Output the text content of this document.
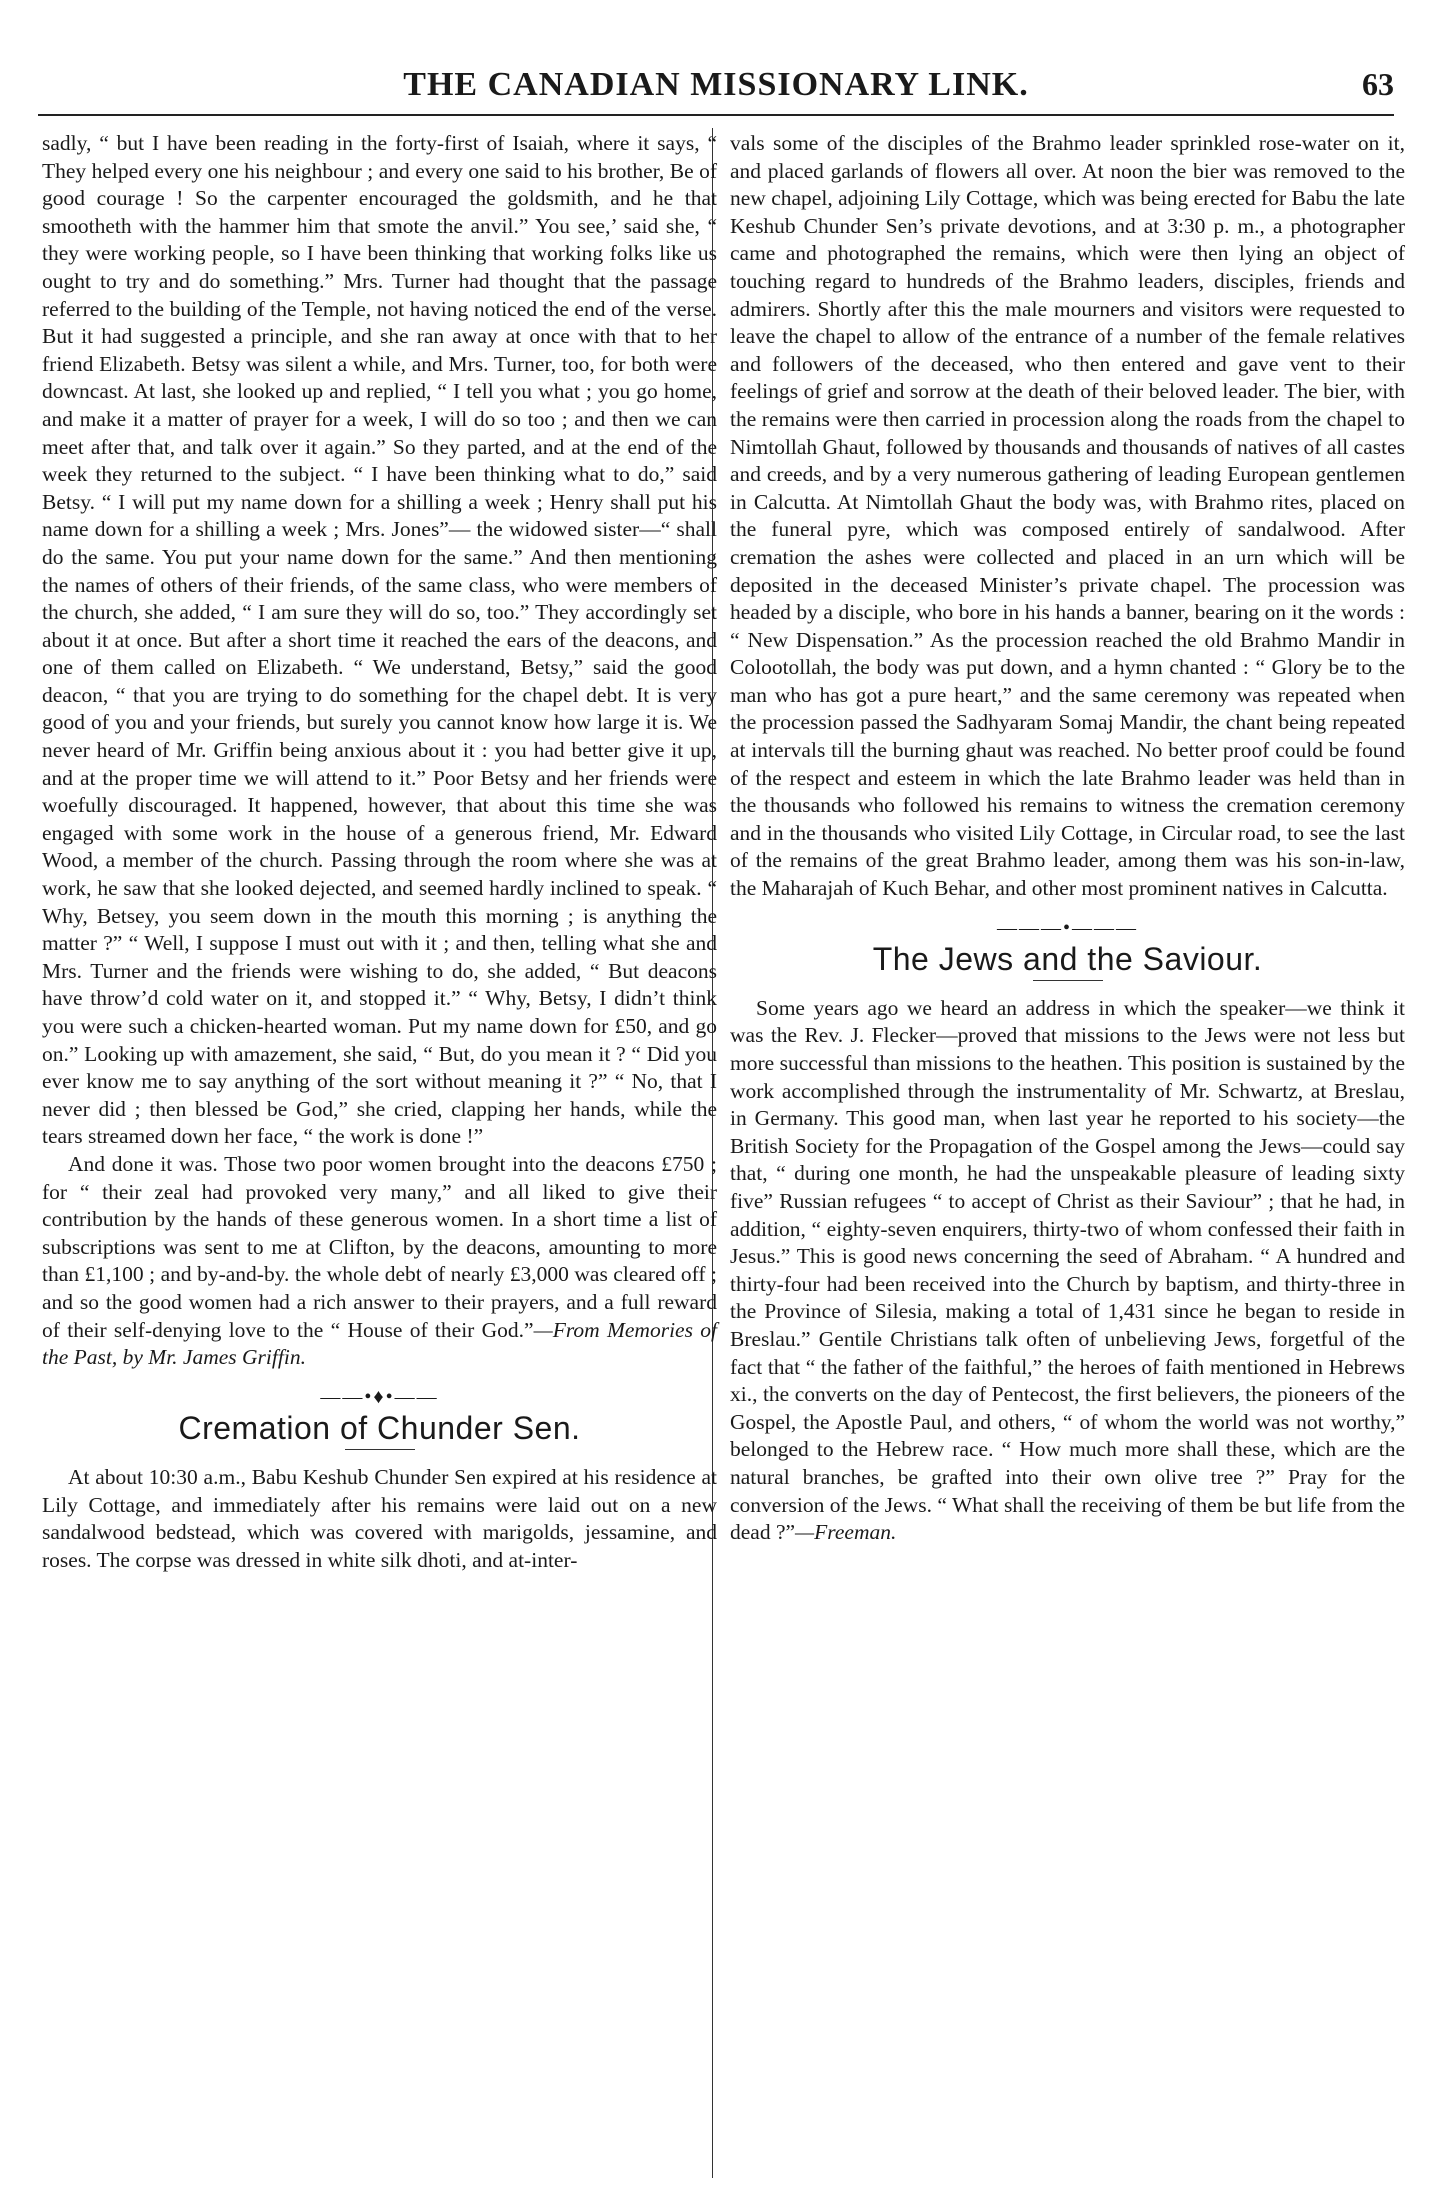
THE CANADIAN MISSIONARY LINK.	63

sadly, “ but I have been reading in the forty-first of Isaiah, where it says, “ They helped every one his neighbour ; and every one said to his brother, Be of good courage ! So the carpenter encouraged the goldsmith, and he that smootheth with the hammer him that smote the anvil.” You see,’ said she, “ they were working people, so I have been thinking that working folks like us ought to try and do something.” Mrs. Turner had thought that the passage referred to the building of the Temple, not having noticed the end of the verse. But it had suggested a principle, and she ran away at once with that to her friend Elizabeth. Betsy was silent a while, and Mrs. Turner, too, for both were downcast. At last, she looked up and replied, “ I tell you what ; you go home, and make it a matter of prayer for a week, I will do so too ; and then we can meet after that, and talk over it again.” So they parted, and at the end of the week they returned to the subject. “ I have been thinking what to do,” said Betsy. “ I will put my name down for a shilling a week ; Henry shall put his name down for a shilling a week ; Mrs. Jones”— the widowed sister—“ shall do the same. You put your name down for the same.” And then mentioning the names of others of their friends, of the same class, who were members of the church, she added, “ I am sure they will do so, too.” They accordingly set about it at once. But after a short time it reached the ears of the deacons, and one of them called on Elizabeth. “ We understand, Betsy,” said the good deacon, “ that you are trying to do something for the chapel debt. It is very good of you and your friends, but surely you cannot know how large it is. We never heard of Mr. Griffin being anxious about it : you had better give it up, and at the proper time we will attend to it.” Poor Betsy and her friends were woefully discouraged. It happened, however, that about this time she was engaged with some work in the house of a generous friend, Mr. Edward Wood, a member of the church. Passing through the room where she was at work, he saw that she looked dejected, and seemed hardly inclined to speak. “ Why, Betsey, you seem down in the mouth this morning ; is anything the matter ?” “ Well, I suppose I must out with it ; and then, telling what she and Mrs. Turner and the friends were wishing to do, she added, “ But deacons have throw’d cold water on it, and stopped it.” “ Why, Betsy, I didn’t think you were such a chicken-hearted woman. Put my name down for £50, and go on.” Looking up with amazement, she said, “ But, do you mean it ? “ Did you ever know me to say anything of the sort without meaning it ?” “ No, that I never did ; then blessed be God,” she cried, clapping her hands, while the tears streamed down her face, “ the work is done !”

And done it was. Those two poor women brought into the deacons £750 ; for “ their zeal had provoked very many,” and all liked to give their contribution by the hands of these generous women. In a short time a list of subscriptions was sent to me at Clifton, by the deacons, amounting to more than £1,100 ; and by-and-by. the whole debt of nearly £3,000 was cleared off ; and so the good women had a rich answer to their prayers, and a full reward of their self-denying love to the “ House of their God.”—From Memories of the Past, by Mr. James Griffin.

——•♦•——
Cremation of Chunder Sen.

At about 10:30 a.m., Babu Keshub Chunder Sen expired at his residence at Lily Cottage, and immediately after his remains were laid out on a new sandalwood bedstead, which was covered with marigolds, jessamine, and roses. The corpse was dressed in white silk dhoti, and at-inter-

vals some of the disciples of the Brahmo leader sprinkled rose-water on it, and placed garlands of flowers all over. At noon the bier was removed to the new chapel, adjoining Lily Cottage, which was being erected for Babu the late Keshub Chunder Sen’s private devotions, and at 3:30 p. m., a photographer came and photographed the remains, which were then lying an object of touching regard to hundreds of the Brahmo leaders, disciples, friends and admirers. Shortly after this the male mourners and visitors were requested to leave the chapel to allow of the entrance of a number of the female relatives and followers of the deceased, who then entered and gave vent to their feelings of grief and sorrow at the death of their beloved leader. The bier, with the remains were then carried in procession along the roads from the chapel to Nimtollah Ghaut, followed by thousands and thousands of natives of all castes and creeds, and by a very numerous gathering of leading European gentlemen in Calcutta. At Nimtollah Ghaut the body was, with Brahmo rites, placed on the funeral pyre, which was composed entirely of sandalwood. After cremation the ashes were collected and placed in an urn which will be deposited in the deceased Minister’s private chapel. The procession was headed by a disciple, who bore in his hands a banner, bearing on it the words : “ New Dispensation.” As the procession reached the old Brahmo Mandir in Colootollah, the body was put down, and a hymn chanted : “ Glory be to the man who has got a pure heart,” and the same ceremony was repeated when the procession passed the Sadhyaram Somaj Mandir, the chant being repeated at intervals till the burning ghaut was reached. No better proof could be found of the respect and esteem in which the late Brahmo leader was held than in the thousands who followed his remains to witness the cremation ceremony and in the thousands who visited Lily Cottage, in Circular road, to see the last of the remains of the great Brahmo leader, among them was his son-in-law, the Maharajah of Kuch Behar, and other most prominent natives in Calcutta.

———•———
The Jews and the Saviour.

Some years ago we heard an address in which the speaker—we think it was the Rev. J. Flecker—proved that missions to the Jews were not less but more successful than missions to the heathen. This position is sustained by the work accomplished through the instrumentality of Mr. Schwartz, at Breslau, in Germany. This good man, when last year he reported to his society—the British Society for the Propagation of the Gospel among the Jews—could say that, “ during one month, he had the unspeakable pleasure of leading sixty five” Russian refugees “ to accept of Christ as their Saviour” ; that he had, in addition, “ eighty-seven enquirers, thirty-two of whom confessed their faith in Jesus.” This is good news concerning the seed of Abraham. “ A hundred and thirty-four had been received into the Church by baptism, and thirty-three in the Province of Silesia, making a total of 1,431 since he began to reside in Breslau.” Gentile Christians talk often of unbelieving Jews, forgetful of the fact that “ the father of the faithful,” the heroes of faith mentioned in Hebrews xi., the converts on the day of Pentecost, the first believers, the pioneers of the Gospel, the Apostle Paul, and others, “ of whom the world was not worthy,” belonged to the Hebrew race. “ How much more shall these, which are the natural branches, be grafted into their own olive tree ?” Pray for the conversion of the Jews. “ What shall the receiving of them be but life from the dead ?”—Freeman.
